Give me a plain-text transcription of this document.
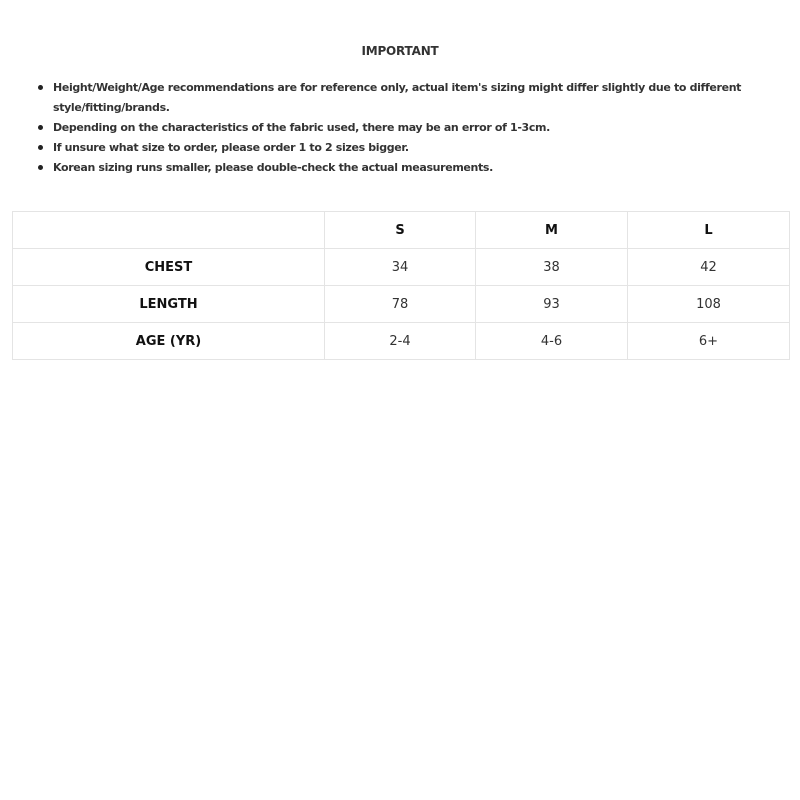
IMPORTANT
Height/Weight/Age recommendations are for reference only, actual item's sizing might differ slightly due to different style/fitting/brands.
Depending on the characteristics of the fabric used, there may be an error of 1-3cm.
If unsure what size to order, please order 1 to 2 sizes bigger.
Korean sizing runs smaller, please double-check the actual measurements.
	S	M	L
CHEST	34	38	42
LENGTH	78	93	108
AGE (YR)	2-4	4-6	6+
